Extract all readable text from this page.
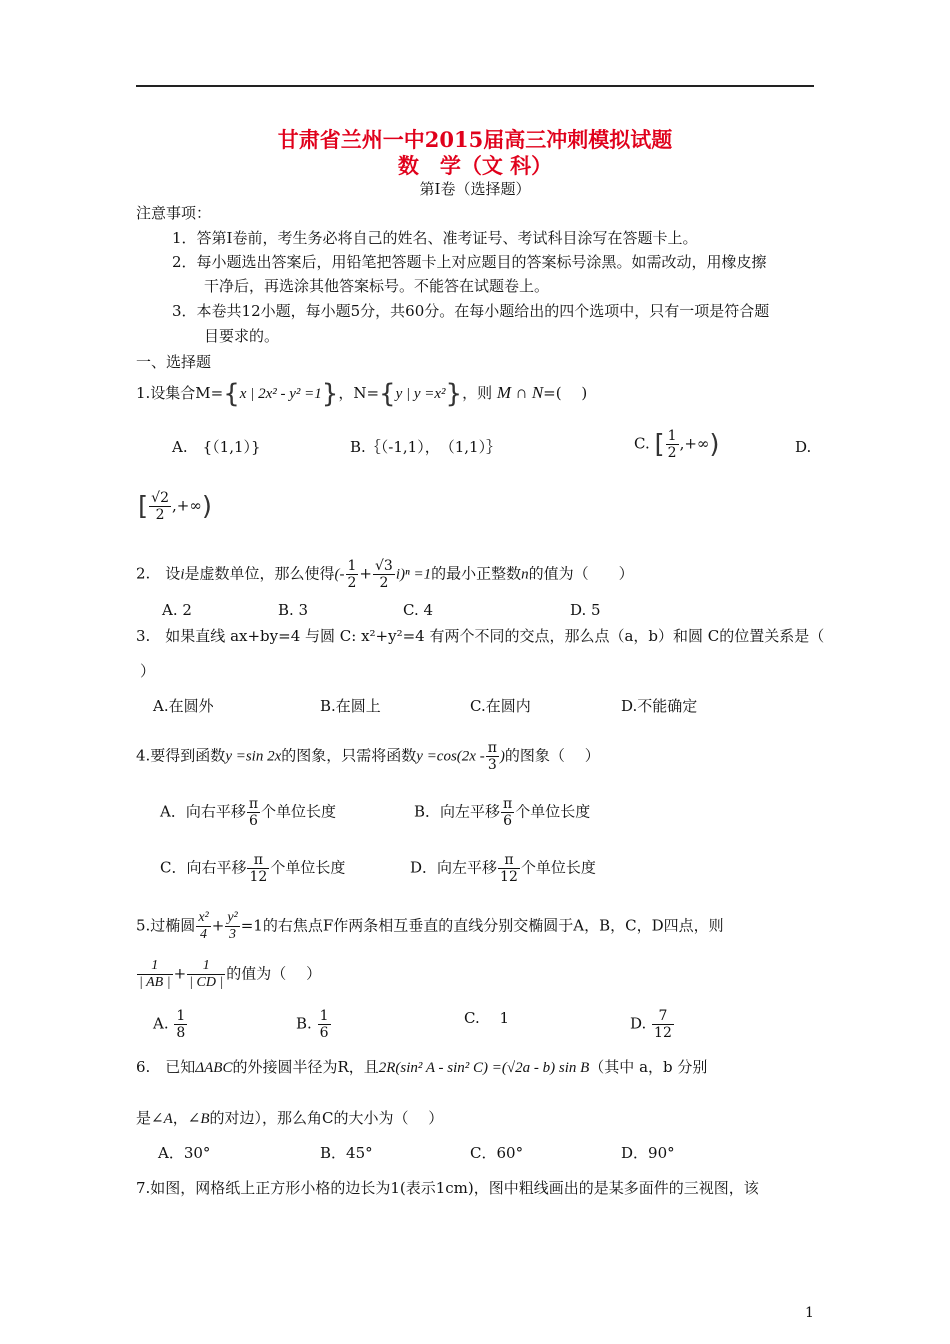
甘肃省兰州一中2015届高三冲刺模拟试题
数　学（文 科）
第Ⅰ卷（选择题）
注意事项：
1．答第Ⅰ卷前，考生务必将自己的姓名、准考证号、考试科目涂写在答题卡上。
2．每小题选出答案后，用铅笔把答题卡上对应题目的答案标号涂黑。如需改动，用橡皮擦
干净后，再选涂其他答案标号。不能答在试题卷上。
3．本卷共12小题，每小题5分，共60分。在每小题给出的四个选项中，只有一项是符合题
目要求的。
一、选择题
1.设集合M={x | 2x² - y² =1}，N={y | y =x²}，则 M ∩ N=(　 )
A.　{（1,1）}	B.｛（-1,1），　（1,1）｝	C. [ $\frac{1}{2}$ ,+∞)	D.
[ $\frac{√2}{2}$ ,+∞)
2.　设i是虚数单位，那么使得(- $\frac{1}{2} + \frac{√3}{2} i)^n =1$的最小正整数n的值为（　　）
A. 2	B. 3	C. 4	D. 5
3.　如果直线 ax+by=4 与圆 C: x²+y²=4 有两个不同的交点，那么点（a，b）和圆 C的位置关系是（
）
A.在圆外	B.在圆上	C.在圆内	D.不能确定
4.要得到函数y =sin 2x的图象，只需将函数$y =\cos(2x - \frac{\pi}{3}$ )的图象（　 ）
A．向右平移 $\frac{\pi}{6}$ 个单位长度	B．向左平移 $\frac{\pi}{6}$ 个单位长度
C．向右平移 $\frac{\pi}{12}$ 个单位长度	D．向左平移 $\frac{\pi}{12}$ 个单位长度
5.过椭圆 $\frac{\text{x²}}{4} + \frac{\text{y²}}{3} =1$的右焦点F作两条相互垂直的直线分别交椭圆于A，B，C，D四点，则
$\frac{1}{| AB |} + \frac{1}{| CD |}$ 的值为（　 ）
A. $\frac{1}{8}$	B. $\frac{1}{6}$	C.　 1	D. $\frac{7}{12}$
6.　已知ΔABC的外接圆半径为R，且2R(sin² A - sin² C) =(√2a - b) sin B（其中 a，b 分别
是∠A，∠B的对边），那么角C的大小为（　 ）
A．30°	B．45°	C．60°	D．90°
7.如图，网格纸上正方形小格的边长为1(表示1cm)，图中粗线画出的是某多面件的三视图，该
1
